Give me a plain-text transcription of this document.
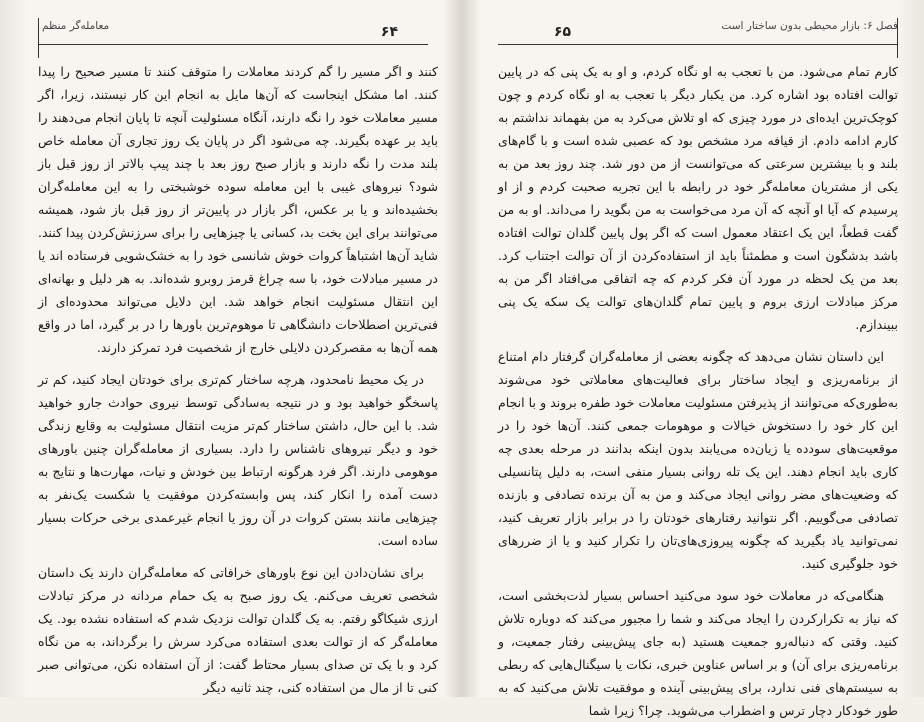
معامله‌گر منظم	۶۴

کنند و اگر مسیر را گم کردند معاملات را متوقف کنند تا مسیر صحیح را پیدا کنند. اما مشکل اینجاست که آن‌ها مایل به انجام این کار نیستند، زیرا، اگر مسیر معاملات خود را نگه دارند، آنگاه مسئولیت آنچه تا پایان انجام می‌دهند را باید بر عهده بگیرند. چه می‌شود اگر در پایان یک روز تجاری آن معامله خاص بلند مدت را نگه دارند و بازار صبح روز بعد با چند پیپ بالاتر از روز قبل باز شود؟ نیروهای غیبی با این معامله سوده خوشبختی را به این معامله‌گران بخشیده‌اند و یا بر عکس، اگر بازار در پایین‌تر از روز قبل باز شود، همیشه می‌توانند برای این بخت بد، کسانی یا چیزهایی را برای سرزنش‌کردن پیدا کنند. شاید آن‌ها اشتباهاً کروات خوش شانسی خود را به خشک‌شویی فرستاده اند یا در مسیر مبادلات خود، با سه چراغ قرمز روبرو شده‌اند. به هر دلیل و بهانه‌ای این انتقال مسئولیت انجام خواهد شد. این دلایل می‌تواند محدوده‌ای از فنی‌ترین اصطلاحات دانشگاهی تا موهوم‌ترین باورها را در بر گیرد، اما در واقع همه آن‌ها به مقصرکردن دلایلی خارج از شخصیت فرد تمرکز دارند.

در یک محیط نامحدود، هرچه ساختار کم‌تری برای خودتان ایجاد کنید، کم تر پاسخگو خواهید بود و در نتیجه به‌سادگی توسط نیروی حوادث جارو خواهید شد. با این حال، داشتن ساختار کم‌تر مزیت انتقال مسئولیت به وقایع زندگی خود و دیگر نیروهای ناشناس را دارد. بسیاری از معامله‌گران چنین باورهای موهومی دارند. اگر فرد هرگونه ارتباط بین خودش و نیات، مهارت‌ها و نتایج به دست آمده را انکار کند، پس وابسته‌کردن موفقیت یا شکست یک‌نفر به چیزهایی مانند بستن کروات در آن روز یا انجام غیرعمدی برخی حرکات بسیار ساده است.

برای نشان‌دادن این نوع باورهای خرافاتی که معامله‌گران دارند یک داستان شخصی تعریف می‌کنم. یک روز صبح به یک حمام مردانه در مرکز تبادلات ارزی شیکاگو رفتم. به یک گلدان توالت نزدیک شدم که استفاده نشده بود. یک معامله‌گر که از توالت بعدی استفاده می‌کرد سرش را برگرداند، به من نگاه کرد و با یک تن صدای بسیار محتاط گفت: از آن استفاده نکن، می‌توانی صبر کنی تا از مال من استفاده کنی، چند ثانیه دیگر

فصل ۶: بازار محیطی بدون ساختار است
۶۵

کارم تمام می‌شود. من با تعجب به او نگاه کردم، و او به یک پنی که در پایین توالت افتاده بود اشاره کرد. من یکبار دیگر با تعجب به او نگاه کردم و چون کوچک‌ترین ایده‌ای در مورد چیزی که او تلاش می‌کرد به من بفهماند نداشتم به کارم ادامه دادم. از قیافه مرد مشخص بود که عصبی شده است و با گام‌های بلند و با بیشترین سرعتی که می‌توانست از من دور شد. چند روز بعد من به یکی از مشتریان معامله‌گر خود در رابطه با این تجربه صحبت کردم و از او پرسیدم که آیا او آنچه که آن مرد می‌خواست به من بگوید را می‌داند. او به من گفت قطعاً، این یک اعتقاد معمول است که اگر پول پایین گلدان توالت افتاده باشد بدشگون است و مطمئناً باید از استفاده‌کردن از آن توالت اجتناب کرد. بعد من یک لحظه در مورد آن فکر کردم که چه اتفاقی می‌افتاد اگر من به مرکز مبادلات ارزی بروم و پایین تمام گلدان‌های توالت یک سکه یک پنی ببیندازم.

این داستان نشان می‌دهد که چگونه بعضی از معامله‌گران گرفتار دام امتناع از برنامه‌ریزی و ایجاد ساختار برای فعالیت‌های معاملاتی خود می‌شوند به‌طوری‌که می‌توانند از پذیرفتن مسئولیت معاملات خود طفره بروند و با انجام این کار خود را دستخوش خیالات و موهومات جمعی کنند. آن‌ها خود را در موقعیت‌های سودده یا زیان‌ده می‌یابند بدون اینکه بدانند در مرحله بعدی چه کاری باید انجام دهند. این یک تله روانی بسیار منفی است، به دلیل پتانسیلی که وضعیت‌های مضر روانی ایجاد می‌کند و من به آن برنده تصادفی و بازنده تصادفی می‌گوییم. اگر نتوانید رفتارهای خودتان را در برابر بازار تعریف کنید، نمی‌توانید یاد بگیرید که چگونه پیروزی‌های‌تان را تکرار کنید و یا از ضررهای خود جلوگیری کنید.

هنگامی‌که در معاملات خود سود می‌کنید احساس بسیار لذت‌بخشی است، که نیاز به تکرارکردن را ایجاد می‌کند و شما را مجبور می‌کند که دوباره تلاش کنید. وقتی که دنباله‌رو جمعیت هستید (به جای پیش‌بینی رفتار جمعیت، و برنامه‌ریزی برای آن) و بر اساس عناوین خبری، نکات یا سیگنال‌هایی که ربطی به سیستم‌های فنی ندارد، برای پیش‌بینی آینده و موفقیت تلاش می‌کنید که به طور خودکار دچار ترس و اضطراب می‌شوید. چرا؟ زیرا شما
